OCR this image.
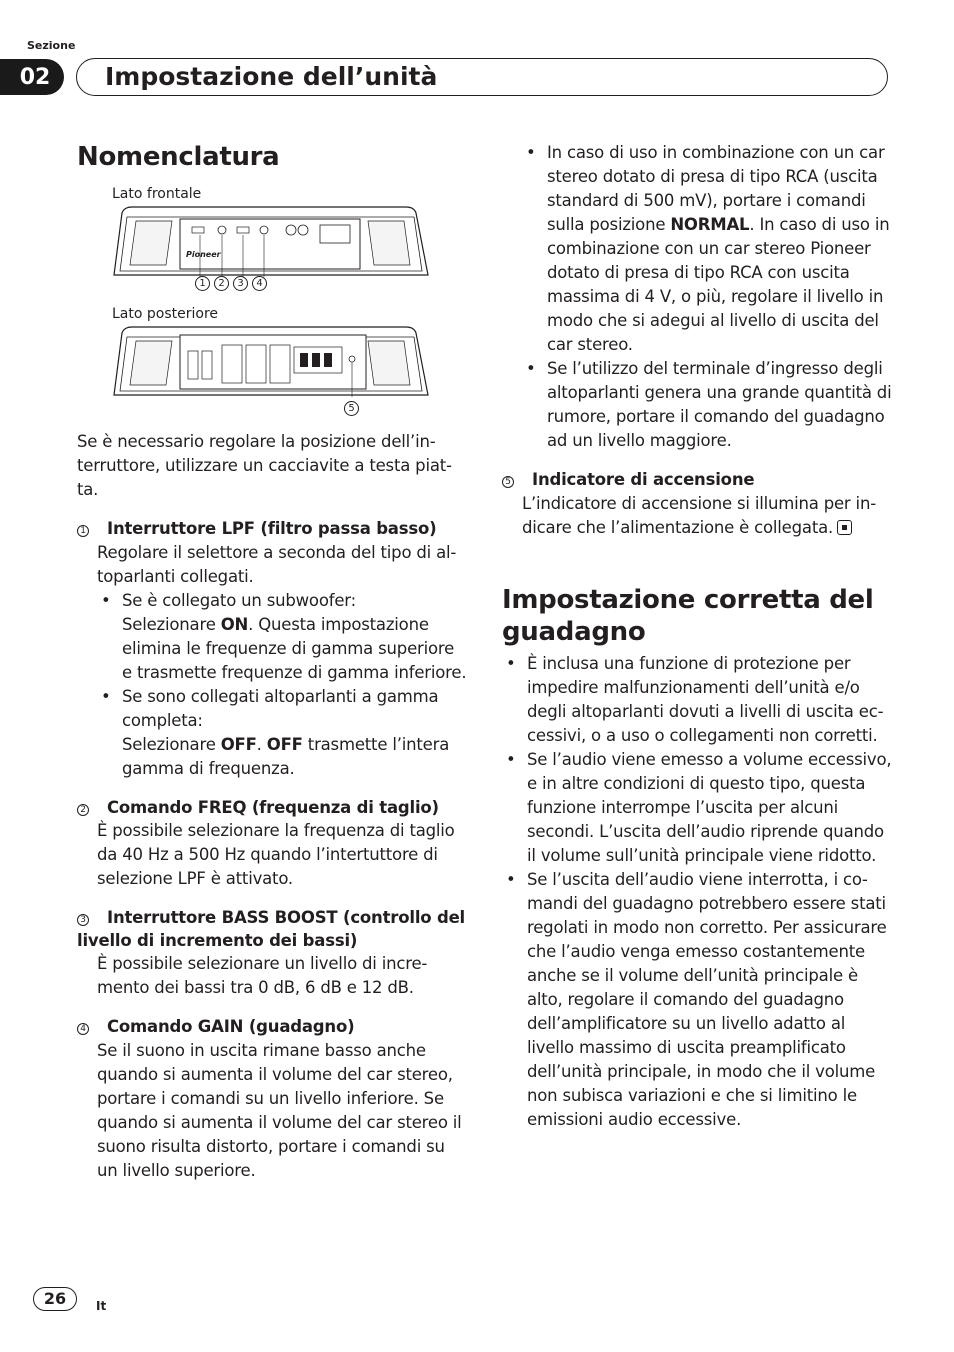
Sezione
02	Impostazione dell’unità
Nomenclatura
Lato frontale
Pioneer
1	2	3	4
Lato posteriore
5

Se è necessario regolare la posizione dell’interruttore, utilizzare un cacciavite a testa piatta.

1 Interruttore LPF (filtro passa basso)
Regolare il selettore a seconda del tipo di altoparlanti collegati.
• Se è collegato un subwoofer:
Selezionare ON. Questa impostazione elimina le frequenze di gamma superiore e trasmette frequenze di gamma inferiore.
• Se sono collegati altoparlanti a gamma completa:
Selezionare OFF. OFF trasmette l’intera gamma di frequenza.
2 Comando FREQ (frequenza di taglio)
È possibile selezionare la frequenza di taglio da 40 Hz a 500 Hz quando l’intertuttore di selezione LPF è attivato.
3 Interruttore BASS BOOST (controllo del livello di incremento dei bassi)
È possibile selezionare un livello di incremento dei bassi tra 0 dB, 6 dB e 12 dB.
4 Comando GAIN (guadagno)
Se il suono in uscita rimane basso anche quando si aumenta il volume del car stereo, portare i comandi su un livello inferiore. Se quando si aumenta il volume del car stereo il suono risulta distorto, portare i comandi su un livello superiore.
• In caso di uso in combinazione con un car stereo dotato di presa di tipo RCA (uscita standard di 500 mV), portare i comandi sulla posizione NORMAL. In caso di uso in combinazione con un car stereo Pioneer dotato di presa di tipo RCA con uscita massima di 4 V, o più, regolare il livello in modo che si adegui al livello di uscita del car stereo.
• Se l’utilizzo del terminale d’ingresso degli altoparlanti genera una grande quantità di rumore, portare il comando del guadagno ad un livello maggiore.
5 Indicatore di accensione
L’indicatore di accensione si illumina per indicare che l’alimentazione è collegata.
Impostazione corretta del guadagno
• È inclusa una funzione di protezione per impedire malfunzionamenti dell’unità e/o degli altoparlanti dovuti a livelli di uscita eccessivi, o a uso o collegamenti non corretti.
• Se l’audio viene emesso a volume eccessivo, e in altre condizioni di questo tipo, questa funzione interrompe l’uscita per alcuni secondi. L’uscita dell’audio riprende quando il volume sull’unità principale viene ridotto.
• Se l’uscita dell’audio viene interrotta, i comandi del guadagno potrebbero essere stati regolati in modo non corretto. Per assicurare che l’audio venga emesso costantemente anche se il volume dell’unità principale è alto, regolare il comando del guadagno dell’amplificatore su un livello adatto al livello massimo di uscita preamplificato dell’unità principale, in modo che il volume non subisca variazioni e che si limitino le emissioni audio eccessive.
26	It
